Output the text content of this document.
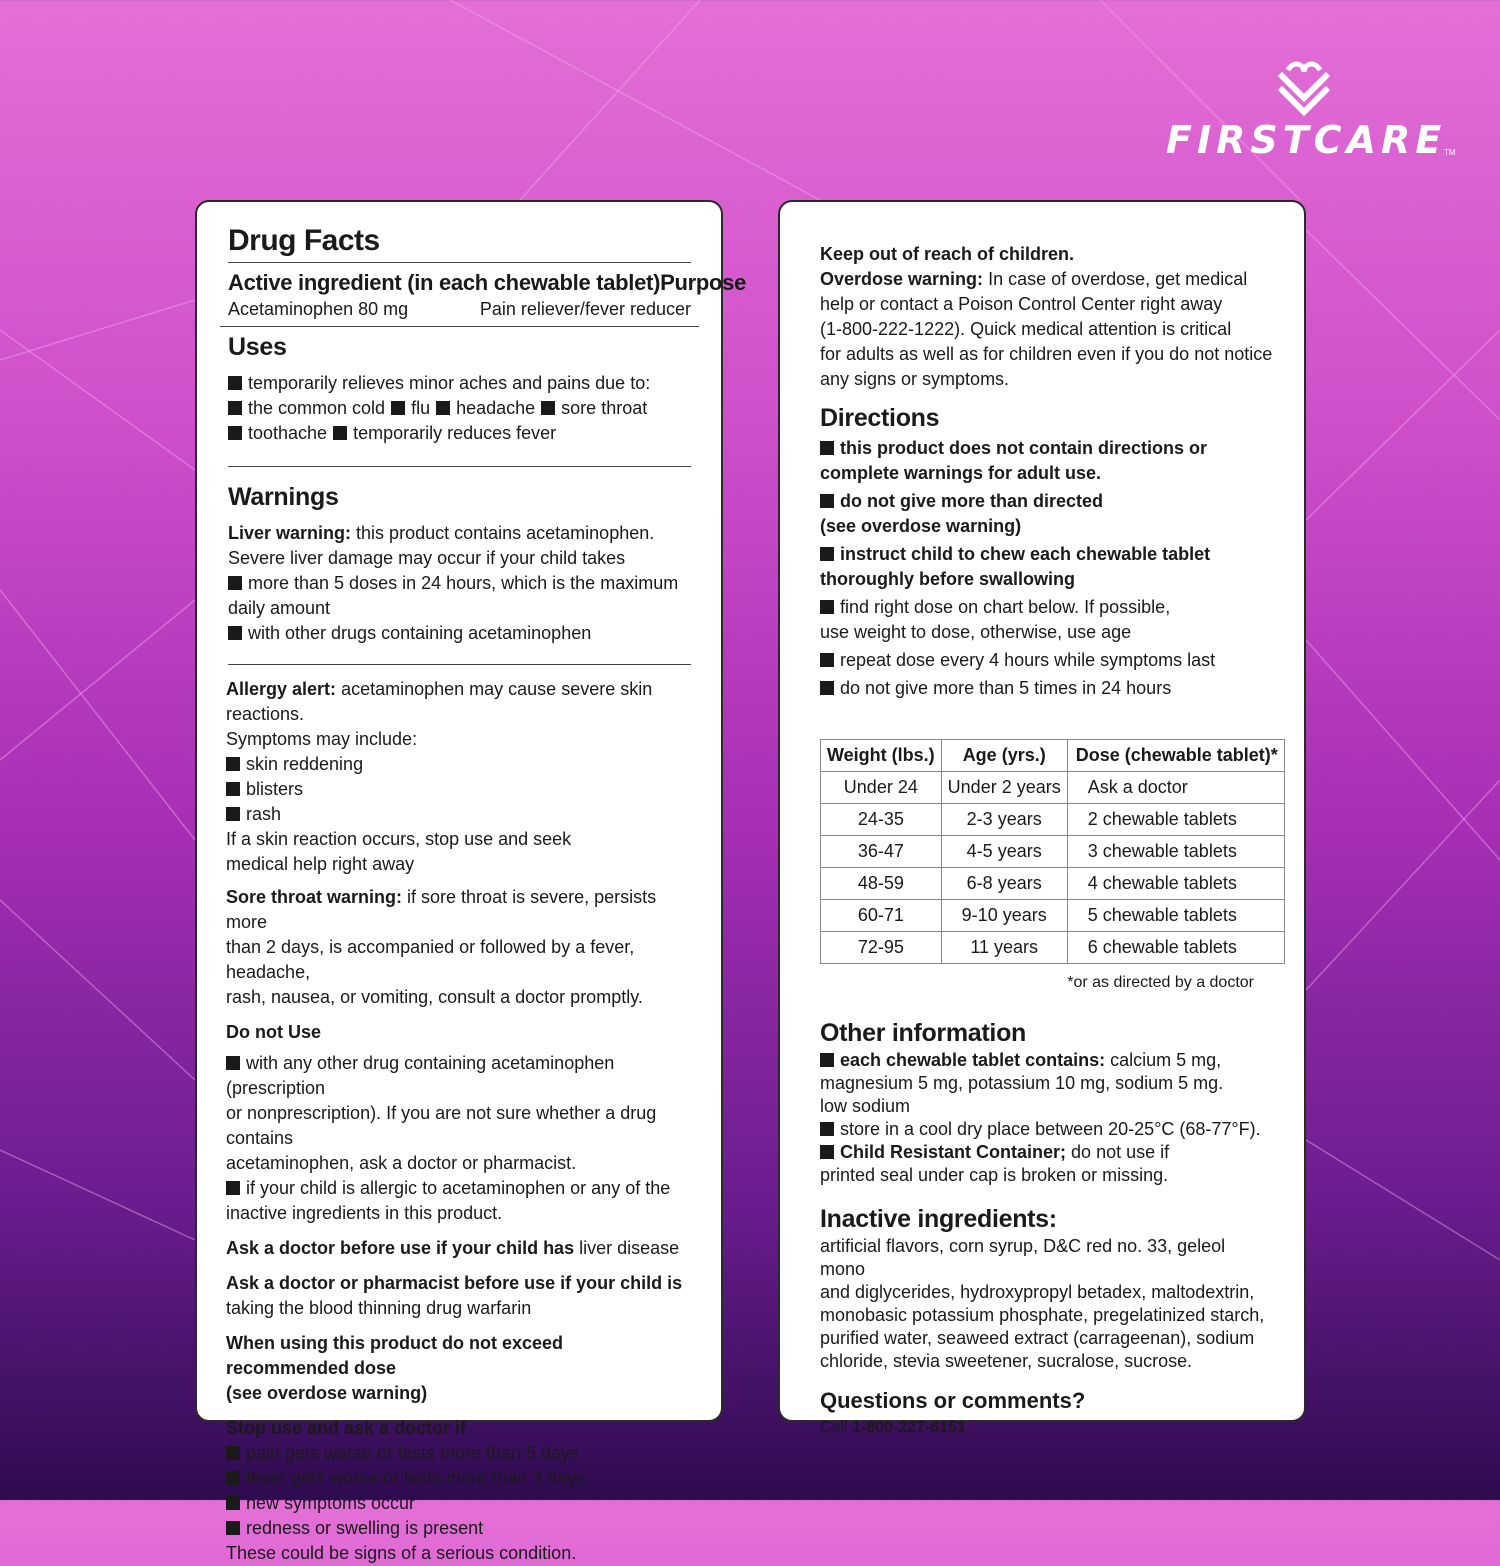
FIRSTCARE
TM
Drug Facts
Active ingredient (in each chewable tablet) Purpose
Acetaminophen 80 mg	Pain reliever/fever reducer
Uses
temporarily relieves minor aches and pains due to:
the common cold flu headache sore throat
toothache temporarily reduces fever
Warnings
Liver warning: this product contains acetaminophen.
Severe liver damage may occur if your child takes
more than 5 doses in 24 hours, which is the maximum
daily amount
with other drugs containing acetaminophen
Allergy alert: acetaminophen may cause severe skin reactions.
Symptoms may include:
skin reddening
blisters
rash
If a skin reaction occurs, stop use and seek
medical help right away
Sore throat warning: if sore throat is severe, persists more
than 2 days, is accompanied or followed by a fever, headache,
rash, nausea, or vomiting, consult a doctor promptly.
Do not Use
with any other drug containing acetaminophen (prescription
or nonprescription). If you are not sure whether a drug contains
acetaminophen, ask a doctor or pharmacist.
if your child is allergic to acetaminophen or any of the
inactive ingredients in this product.
Ask a doctor before use if your child has liver disease
Ask a doctor or pharmacist before use if your child is
taking the blood thinning drug warfarin
When using this product do not exceed recommended dose
(see overdose warning)
Stop use and ask a doctor if
pain gets worse or lasts more than 5 days
fever gets worse or lasts more than 3 days
new symptoms occur
redness or swelling is present
These could be signs of a serious condition.
Keep out of reach of children.
Overdose warning: In case of overdose, get medical
help or contact a Poison Control Center right away
(1-800-222-1222). Quick medical attention is critical
for adults as well as for children even if you do not notice
any signs or symptoms.
Directions
this product does not contain directions or
complete warnings for adult use.
do not give more than directed
(see overdose warning)
instruct child to chew each chewable tablet
thoroughly before swallowing
find right dose on chart below. If possible,
use weight to dose, otherwise, use age
repeat dose every 4 hours while symptoms last
do not give more than 5 times in 24 hours
Weight (lbs.)	Age (yrs.)	Dose (chewable tablet)*
Under 24	Under 2 years	Ask a doctor
24-35	2-3 years	2 chewable tablets
36-47	4-5 years	3 chewable tablets
48-59	6-8 years	4 chewable tablets
60-71	9-10 years	5 chewable tablets
72-95	11 years	6 chewable tablets
*or as directed by a doctor
Other information
each chewable tablet contains: calcium 5 mg,
magnesium 5 mg, potassium 10 mg, sodium 5 mg.
low sodium
store in a cool dry place between 20-25°C (68-77°F).
Child Resistant Container; do not use if
printed seal under cap is broken or missing.
Inactive ingredients:
artificial flavors, corn syrup, D&C red no. 33, geleol mono
and diglycerides, hydroxypropyl betadex, maltodextrin,
monobasic potassium phosphate, pregelatinized starch,
purified water, seaweed extract (carrageenan), sodium
chloride, stevia sweetener, sucralose, sucrose.
Questions or comments?
Call 1-800-227-6151
